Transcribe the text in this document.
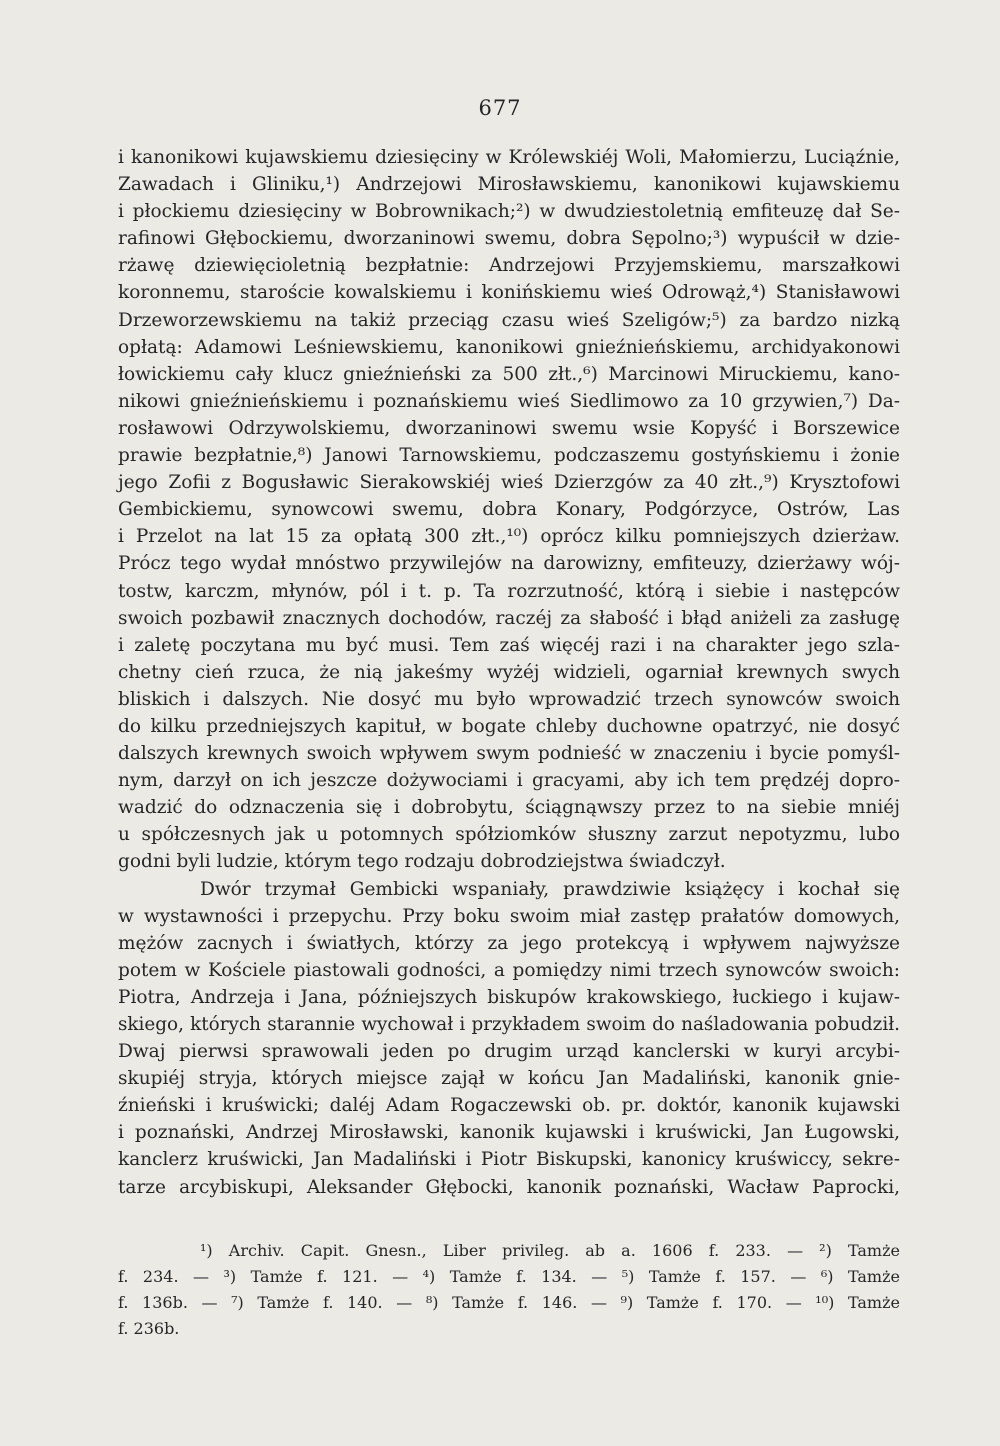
677
i kanonikowi kujawskiemu dziesięciny w Królewskiéj Woli, Małomierzu, Luciąźnie,
Zawadach i Gliniku,¹) Andrzejowi Mirosławskiemu, kanonikowi kujawskiemu
i płockiemu dziesięciny w Bobrownikach;²) w dwudziestoletnią emfiteuzę dał Se-
rafinowi Głębockiemu, dworzaninowi swemu, dobra Sępolno;³) wypuścił w dzie-
rżawę dziewięcioletnią bezpłatnie: Andrzejowi Przyjemskiemu, marszałkowi
koronnemu, staroście kowalskiemu i konińskiemu wieś Odrowąż,⁴) Stanisławowi
Drzeworzewskiemu na takiż przeciąg czasu wieś Szeligów;⁵) za bardzo nizką
opłatą: Adamowi Leśniewskiemu, kanonikowi gnieźnieńskiemu, archidyakonowi
łowickiemu cały klucz gnieźnieński za 500 złt.,⁶) Marcinowi Miruckiemu, kano-
nikowi gnieźnieńskiemu i poznańskiemu wieś Siedlimowo za 10 grzywien,⁷) Da-
rosławowi Odrzywolskiemu, dworzaninowi swemu wsie Kopyść i Borszewice
prawie bezpłatnie,⁸) Janowi Tarnowskiemu, podczaszemu gostyńskiemu i żonie
jego Zofii z Bogusławic Sierakowskiéj wieś Dzierzgów za 40 złt.,⁹) Krysztofowi
Gembickiemu, synowcowi swemu, dobra Konary, Podgórzyce, Ostrów, Las
i Przelot na lat 15 za opłatą 300 złt.,¹⁰) oprócz kilku pomniejszych dzierżaw.
Prócz tego wydał mnóstwo przywilejów na darowizny, emfiteuzy, dzierżawy wój-
tostw, karczm, młynów, pól i t. p. Ta rozrzutność, którą i siebie i następców
swoich pozbawił znacznych dochodów, raczéj za słabość i błąd aniżeli za zasługę
i zaletę poczytana mu być musi. Tem zaś więcéj razi i na charakter jego szla-
chetny cień rzuca, że nią jakeśmy wyżéj widzieli, ogarniał krewnych swych
bliskich i dalszych. Nie dosyć mu było wprowadzić trzech synowców swoich
do kilku przedniejszych kapituł, w bogate chleby duchowne opatrzyć, nie dosyć
dalszych krewnych swoich wpływem swym podnieść w znaczeniu i bycie pomyśl-
nym, darzył on ich jeszcze dożywociami i gracyami, aby ich tem prędzéj dopro-
wadzić do odznaczenia się i dobrobytu, ściągnąwszy przez to na siebie mniéj
u spółczesnych jak u potomnych spółziomków słuszny zarzut nepotyzmu, lubo
godni byli ludzie, którym tego rodzaju dobrodziejstwa świadczył.
Dwór trzymał Gembicki wspaniały, prawdziwie książęcy i kochał się
w wystawności i przepychu. Przy boku swoim miał zastęp prałatów domowych,
mężów zacnych i światłych, którzy za jego protekcyą i wpływem najwyższe
potem w Kościele piastowali godności, a pomiędzy nimi trzech synowców swoich:
Piotra, Andrzeja i Jana, późniejszych biskupów krakowskiego, łuckiego i kujaw-
skiego, których starannie wychował i przykładem swoim do naśladowania pobudził.
Dwaj pierwsi sprawowali jeden po drugim urząd kanclerski w kuryi arcybi-
skupiéj stryja, których miejsce zajął w końcu Jan Madaliński, kanonik gnie-
źnieński i kruświcki; daléj Adam Rogaczewski ob. pr. doktór, kanonik kujawski
i poznański, Andrzej Mirosławski, kanonik kujawski i kruświcki, Jan Ługowski,
kanclerz kruświcki, Jan Madaliński i Piotr Biskupski, kanonicy kruświccy, sekre-
tarze arcybiskupi, Aleksander Głębocki, kanonik poznański, Wacław Paprocki,
¹) Archiv. Capit. Gnesn., Liber privileg. ab a. 1606 f. 233. — ²) Tamże
f. 234. — ³) Tamże f. 121. — ⁴) Tamże f. 134. — ⁵) Tamże f. 157. — ⁶) Tamże
f. 136b. — ⁷) Tamże f. 140. — ⁸) Tamże f. 146. — ⁹) Tamże f. 170. — ¹⁰) Tamże
f. 236b.
